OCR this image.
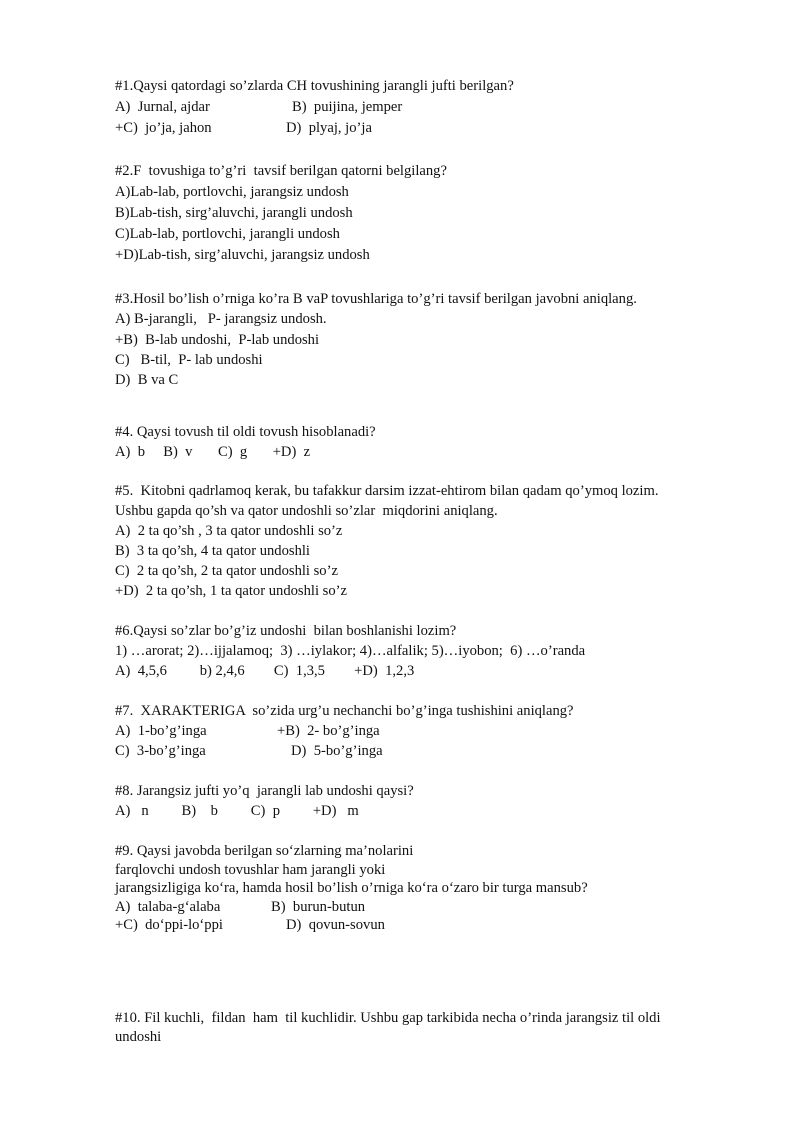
#1.Qaysi qatordagi so’zlarda CH tovushining jarangli jufti berilgan?
A)  Jurnal, ajdar	B)  puijina, jemper
+C)  jo’ja, jahon	D)  plyaj, jo’ja
#2.F  tovushiga to’g’ri  tavsif berilgan qatorni belgilang?
A)Lab-lab, portlovchi, jarangsiz undosh
B)Lab-tish, sirg’aluvchi, jarangli undosh
C)Lab-lab, portlovchi, jarangli undosh
+D)Lab-tish, sirg’aluvchi, jarangsiz undosh
#3.Hosil bo’lish o’rniga ko’ra B vaP tovushlariga to’g’ri tavsif berilgan javobni aniqlang.
A) B-jarangli,   P- jarangsiz undosh.
+B)  B-lab undoshi,  P-lab undoshi
C)   B-til,  P- lab undoshi
D)  B va C
#4. Qaysi tovush til oldi tovush hisoblanadi?
A)  b     B)  v       C)  g       +D)  z
#5.  Kitobni qadrlamoq kerak, bu tafakkur darsim izzat-ehtirom bilan qadam qo’ymoq lozim.
Ushbu gapda qo’sh va qator undoshli so’zlar  miqdorini aniqlang.
A)  2 ta qo’sh , 3 ta qator undoshli so’z
B)  3 ta qo’sh, 4 ta qator undoshli
C)  2 ta qo’sh, 2 ta qator undoshli so’z
+D)  2 ta qo’sh, 1 ta qator undoshli so’z
#6.Qaysi so’zlar bo’g’iz undoshi  bilan boshlanishi lozim?
1) …arorat; 2)…ijjalamoq;  3) …iylakor; 4)…alfalik; 5)…iyobon;  6) …o’randa
A)  4,5,6         b) 2,4,6        C)  1,3,5        +D)  1,2,3
#7.  XARAKTERIGA  so’zida urg’u nechanchi bo’g’inga tushishini aniqlang?
A)  1-bo’g’inga	+B)  2- bo’g’inga
C)  3-bo’g’inga	D)  5-bo’g’inga
#8. Jarangsiz jufti yo’q  jarangli lab undoshi qaysi?
A)   n         B)    b         C)  p         +D)   m
#9. Qaysi javobda berilgan so‘zlarning ma’nolarini
farqlovchi undosh tovushlar ham jarangli yoki
jarangsizligiga ko‘ra, hamda hosil bo’lish o’rniga ko‘ra o‘zaro bir turga mansub?
A)  talaba-g‘alaba	B)  burun-butun
+C)  do‘ppi-lo‘ppi	D)  qovun-sovun
#10. Fil kuchli,  fildan  ham  til kuchlidir. Ushbu gap tarkibida necha o’rinda jarangsiz til oldi
undoshi
